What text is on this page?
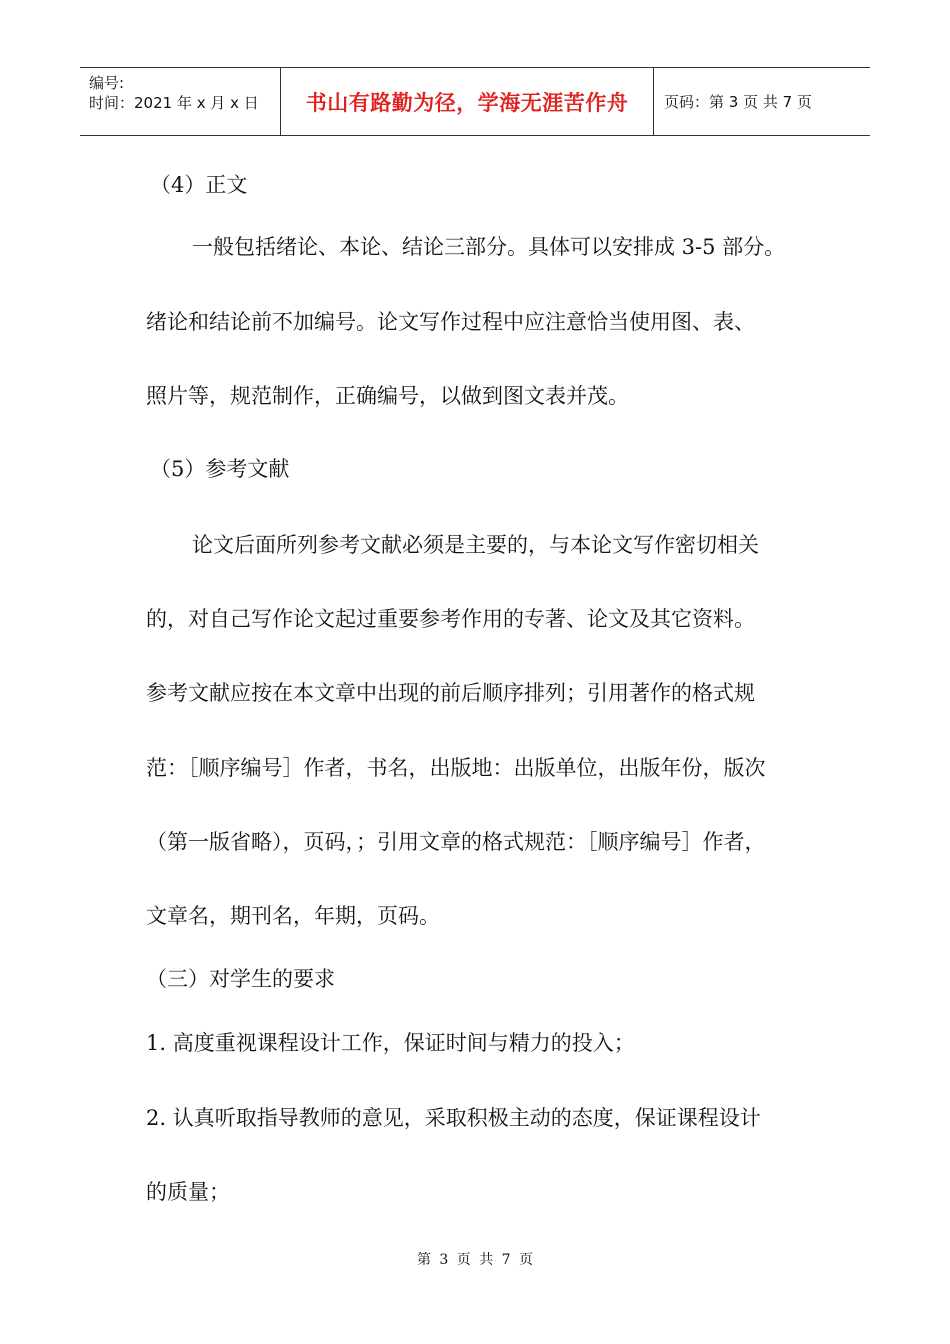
编号:
时间：2021 年 x 月 x 日 书山有路勤为径，学海无涯苦作舟 页码：第 3 页 共 7 页
（4）正文
一般包括绪论、本论、结论三部分。具体可以安排成 3-5 部分。
绪论和结论前不加编号。论文写作过程中应注意恰当使用图、表、
照片等，规范制作，正确编号，以做到图文表并茂。
（5）参考文献
论文后面所列参考文献必须是主要的，与本论文写作密切相关
的，对自己写作论文起过重要参考作用的专著、论文及其它资料。
参考文献应按在本文章中出现的前后顺序排列；引用著作的格式规
范：［顺序编号］作者，书名，出版地：出版单位，出版年份，版次
（第一版省略），页码，；引用文章的格式规范：［顺序编号］作者，
文章名，期刊名，年期，页码。
（三）对学生的要求
1. 高度重视课程设计工作，保证时间与精力的投入；
2. 认真听取指导教师的意见，采取积极主动的态度，保证课程设计
的质量；
第 3 页 共 7 页
